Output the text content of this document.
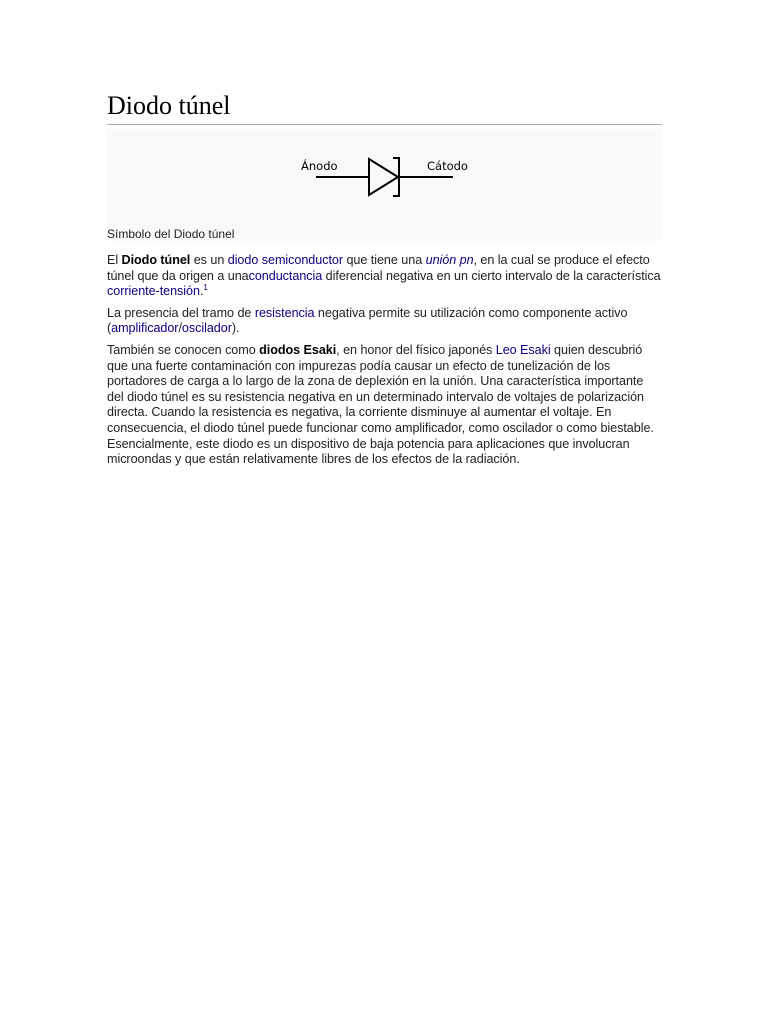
Diodo túnel
Ánodo	Cátodo
Símbolo del Diodo túnel

El Diodo túnel es un diodo semiconductor que tiene una unión pn, en la cual se produce el efecto túnel que da origen a unaconductancia diferencial negativa en un cierto intervalo de la característica corriente-tensión.$^1$

La presencia del tramo de resistencia negativa permite su utilización como componente activo (amplificador/oscilador).

También se conocen como diodos Esaki, en honor del físico japonés Leo Esaki quien descubrió que una fuerte contaminación con impurezas podía causar un efecto de tunelización de los portadores de carga a lo largo de la zona de deplexión en la unión. Una característica importante del diodo túnel es su resistencia negativa en un determinado intervalo de voltajes de polarización directa. Cuando la resistencia es negativa, la corriente disminuye al aumentar el voltaje. En consecuencia, el diodo túnel puede funcionar como amplificador, como oscilador o como biestable. Esencialmente, este diodo es un dispositivo de baja potencia para aplicaciones que involucran microondas y que están relativamente libres de los efectos de la radiación.
